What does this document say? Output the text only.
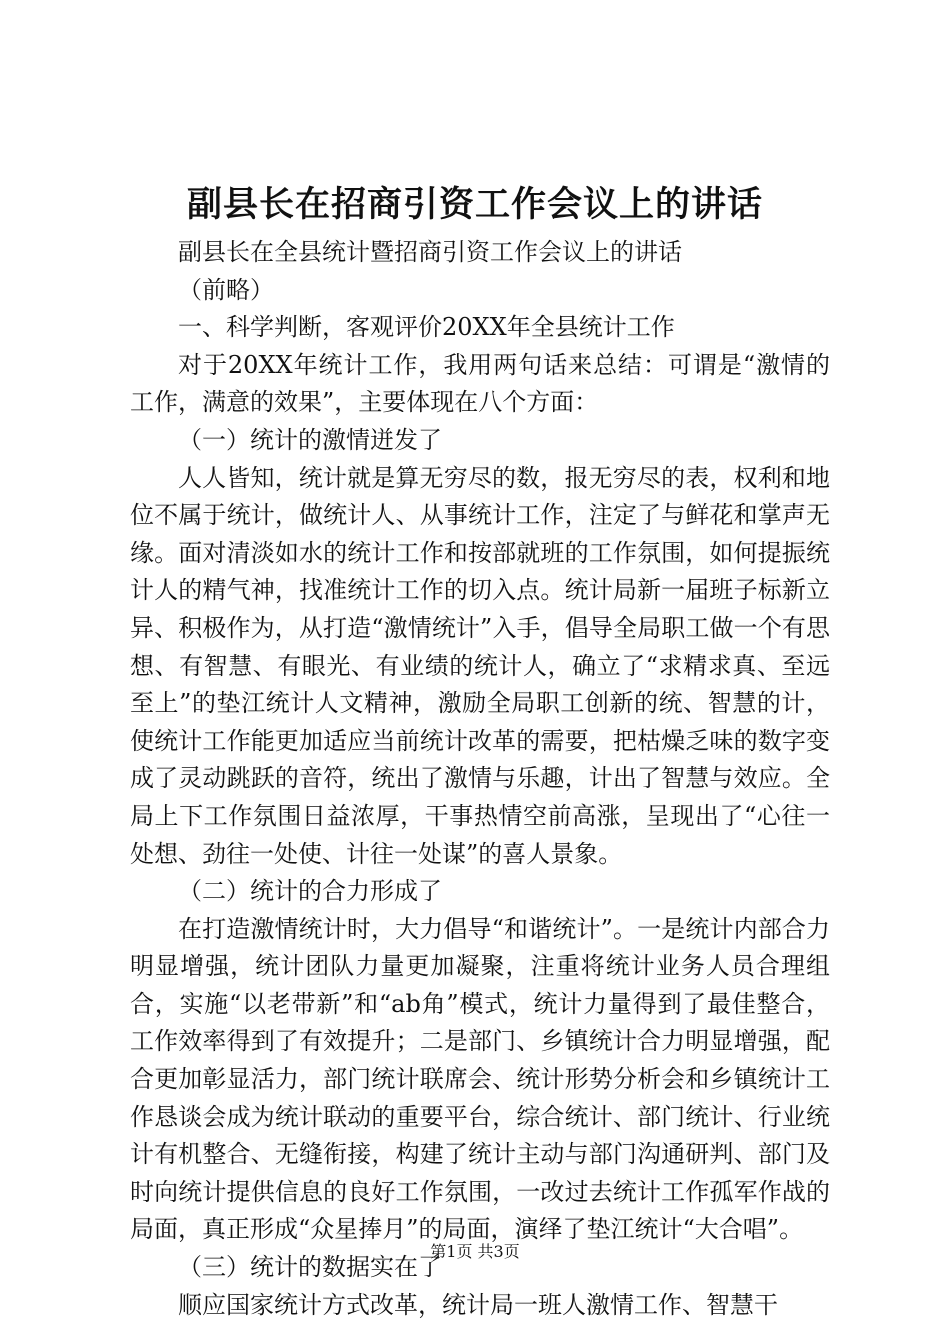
副县长在招商引资工作会议上的讲话

副县长在全县统计暨招商引资工作会议上的讲话

（前略）

一、科学判断，客观评价20XX年全县统计工作

对于20XX年统计工作，我用两句话来总结：可谓是“激情的工作，满意的效果”，主要体现在八个方面：

（一）统计的激情迸发了

人人皆知，统计就是算无穷尽的数，报无穷尽的表，权利和地位不属于统计，做统计人、从事统计工作，注定了与鲜花和掌声无缘。面对清淡如水的统计工作和按部就班的工作氛围，如何提振统计人的精气神，找准统计工作的切入点。统计局新一届班子标新立异、积极作为，从打造“激情统计”入手，倡导全局职工做一个有思想、有智慧、有眼光、有业绩的统计人，确立了“求精求真、至远至上”的垫江统计人文精神，激励全局职工创新的统、智慧的计，使统计工作能更加适应当前统计改革的需要，把枯燥乏味的数字变成了灵动跳跃的音符，统出了激情与乐趣，计出了智慧与效应。全局上下工作氛围日益浓厚，干事热情空前高涨，呈现出了“心往一处想、劲往一处使、计往一处谋”的喜人景象。

（二）统计的合力形成了

在打造激情统计时，大力倡导“和谐统计”。一是统计内部合力明显增强，统计团队力量更加凝聚，注重将统计业务人员合理组合，实施“以老带新”和“ab角”模式，统计力量得到了最佳整合，工作效率得到了有效提升；二是部门、乡镇统计合力明显增强，配合更加彰显活力，部门统计联席会、统计形势分析会和乡镇统计工作恳谈会成为统计联动的重要平台，综合统计、部门统计、行业统计有机整合、无缝衔接，构建了统计主动与部门沟通研判、部门及时向统计提供信息的良好工作氛围，一改过去统计工作孤军作战的局面，真正形成“众星捧月”的局面，演绎了垫江统计“大合唱”。

（三）统计的数据实在了

顺应国家统计方式改革，统计局一班人激情工作、智慧干

第1页 共3页
